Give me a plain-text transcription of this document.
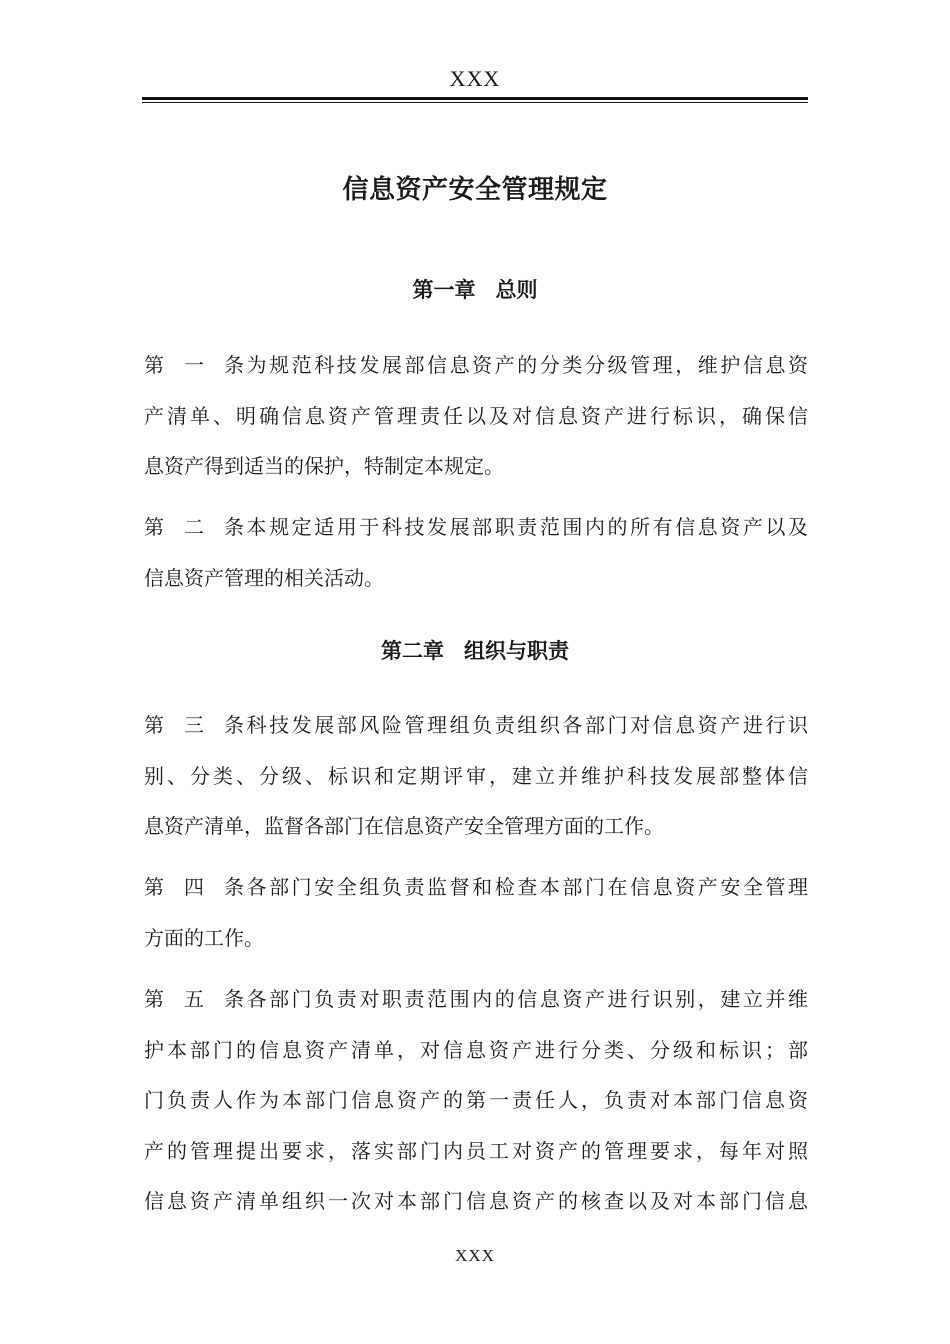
XXX
信息资产安全管理规定
第一章 总则
第一条为规范科技发展部信息资产的分类分级管理，维护信息资
产清单、明确信息资产管理责任以及对信息资产进行标识，确保信
息资产得到适当的保护，特制定本规定。
第二条本规定适用于科技发展部职责范围内的所有信息资产以及
信息资产管理的相关活动。
第二章 组织与职责
第三条科技发展部风险管理组负责组织各部门对信息资产进行识
别、分类、分级、标识和定期评审，建立并维护科技发展部整体信
息资产清单，监督各部门在信息资产安全管理方面的工作。
第四条各部门安全组负责监督和检查本部门在信息资产安全管理
方面的工作。
第五条各部门负责对职责范围内的信息资产进行识别，建立并维
护本部门的信息资产清单，对信息资产进行分类、分级和标识；部
门负责人作为本部门信息资产的第一责任人，负责对本部门信息资
产的管理提出要求，落实部门内员工对资产的管理要求，每年对照
信息资产清单组织一次对本部门信息资产的核查以及对本部门信息
XXX
